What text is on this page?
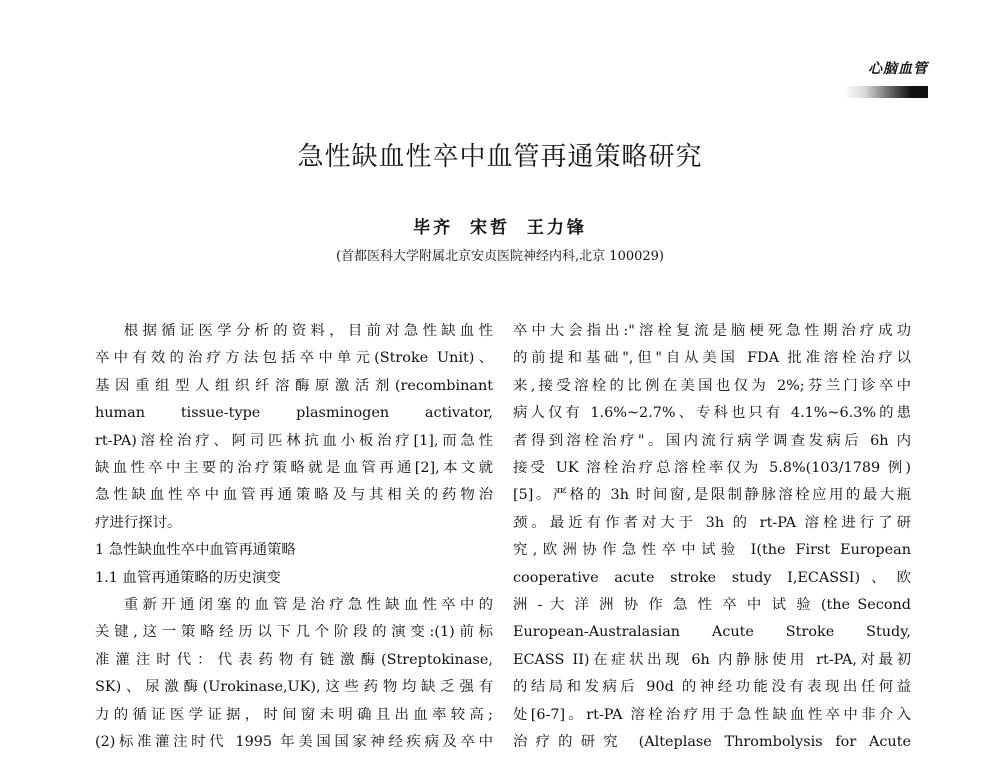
心脑血管
急性缺血性卒中血管再通策略研究
毕齐 宋哲 王力锋
(首都医科大学附属北京安贞医院神经内科,北京 100029)
根据循证医学分析的资料，目前对急性缺血性
卒中有效的治疗方法包括卒中单元(Stroke Unit)、
基因重组型人组织纤溶酶原激活剂(recombinant
human tissue-type plasminogen activator,
rt-PA)溶栓治疗、阿司匹林抗血小板治疗[1],而急性
缺血性卒中主要的治疗策略就是血管再通[2],本文就
急性缺血性卒中血管再通策略及与其相关的药物治
疗进行探讨。
1 急性缺血性卒中血管再通策略
1.1 血管再通策略的历史演变
重新开通闭塞的血管是治疗急性缺血性卒中的
关键,这一策略经历以下几个阶段的演变:(1)前标
准灌注时代：代表药物有链激酶(Streptokinase,
SK)、尿激酶(Urokinase,UK),这些药物均缺乏强有
力的循证医学证据，时间窗未明确且出血率较高;
(2)标准灌注时代 1995 年美国国家神经疾病及卒中
卒中大会指出:"溶栓复流是脑梗死急性期治疗成功
的前提和基础",但"自从美国 FDA 批准溶栓治疗以
来,接受溶栓的比例在美国也仅为 2%;芬兰门诊卒中
病人仅有 1.6%~2.7%、专科也只有 4.1%~6.3%的患
者得到溶栓治疗"。国内流行病学调查发病后 6h 内
接受 UK 溶栓治疗总溶栓率仅为 5.8%(103/1789 例)
[5]。严格的 3h 时间窗,是限制静脉溶栓应用的最大瓶
颈。最近有作者对大于 3h 的 rt-PA 溶栓进行了研
究,欧洲协作急性卒中试验 I(the First European
cooperative acute stroke study I,ECASSI)、欧
洲 - 大 洋 洲 协 作 急 性 卒 中 试 验 (the Second
European-Australasian Acute Stroke Study,
ECASS II)在症状出现 6h 内静脉使用 rt-PA,对最初
的结局和发病后 90d 的神经功能没有表现出任何益
处[6-7]。rt-PA 溶栓治疗用于急性缺血性卒中非介入
治疗的研究 (Alteplase Thrombolysis for Acute
